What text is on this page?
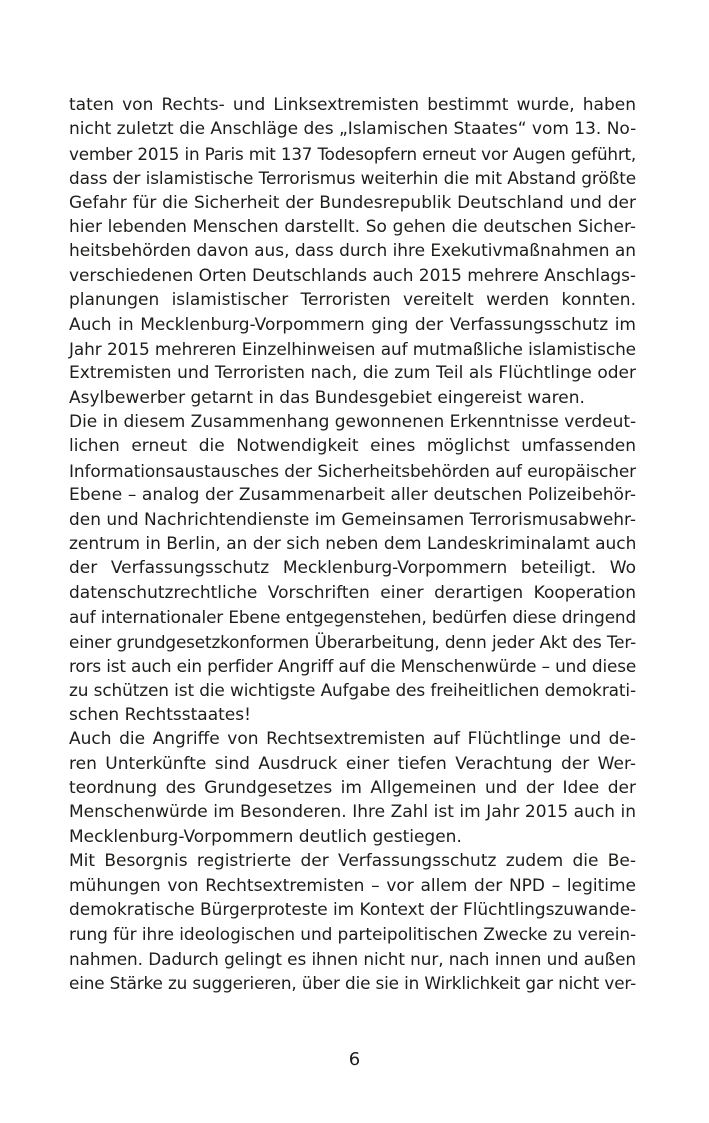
taten von Rechts- und Linksextremisten bestimmt wurde, haben
nicht zuletzt die Anschläge des „Islamischen Staates“ vom 13. No-
vember 2015 in Paris mit 137 Todesopfern erneut vor Augen geführt,
dass der islamistische Terrorismus weiterhin die mit Abstand größte
Gefahr für die Sicherheit der Bundesrepublik Deutschland und der
hier lebenden Menschen darstellt. So gehen die deutschen Sicher-
heitsbehörden davon aus, dass durch ihre Exekutivmaßnahmen an
verschiedenen Orten Deutschlands auch 2015 mehrere Anschlags-
planungen islamistischer Terroristen vereitelt werden konnten.
Auch in Mecklenburg-Vorpommern ging der Verfassungsschutz im
Jahr 2015 mehreren Einzelhinweisen auf mutmaßliche islamistische
Extremisten und Terroristen nach, die zum Teil als Flüchtlinge oder
Asylbewerber getarnt in das Bundesgebiet eingereist waren.
Die in diesem Zusammenhang gewonnenen Erkenntnisse verdeut-
lichen erneut die Notwendigkeit eines möglichst umfassenden
Informationsaustausches der Sicherheitsbehörden auf europäischer
Ebene – analog der Zusammenarbeit aller deutschen Polizeibehör-
den und Nachrichtendienste im Gemeinsamen Terrorismusabwehr-
zentrum in Berlin, an der sich neben dem Landeskriminalamt auch
der Verfassungsschutz Mecklenburg-Vorpommern beteiligt. Wo
datenschutzrechtliche Vorschriften einer derartigen Kooperation
auf internationaler Ebene entgegenstehen, bedürfen diese dringend
einer grundgesetzkonformen Überarbeitung, denn jeder Akt des Ter-
rors ist auch ein perfider Angriff auf die Menschenwürde – und diese
zu schützen ist die wichtigste Aufgabe des freiheitlichen demokrati-
schen Rechtsstaates!
Auch die Angriffe von Rechtsextremisten auf Flüchtlinge und de-
ren Unterkünfte sind Ausdruck einer tiefen Verachtung der Wer-
teordnung des Grundgesetzes im Allgemeinen und der Idee der
Menschenwürde im Besonderen. Ihre Zahl ist im Jahr 2015 auch in
Mecklenburg-Vorpommern deutlich gestiegen.
Mit Besorgnis registrierte der Verfassungsschutz zudem die Be-
mühungen von Rechtsextremisten – vor allem der NPD – legitime
demokratische Bürgerproteste im Kontext der Flüchtlingszuwande-
rung für ihre ideologischen und parteipolitischen Zwecke zu verein-
nahmen. Dadurch gelingt es ihnen nicht nur, nach innen und außen
eine Stärke zu suggerieren, über die sie in Wirklichkeit gar nicht ver-
6
